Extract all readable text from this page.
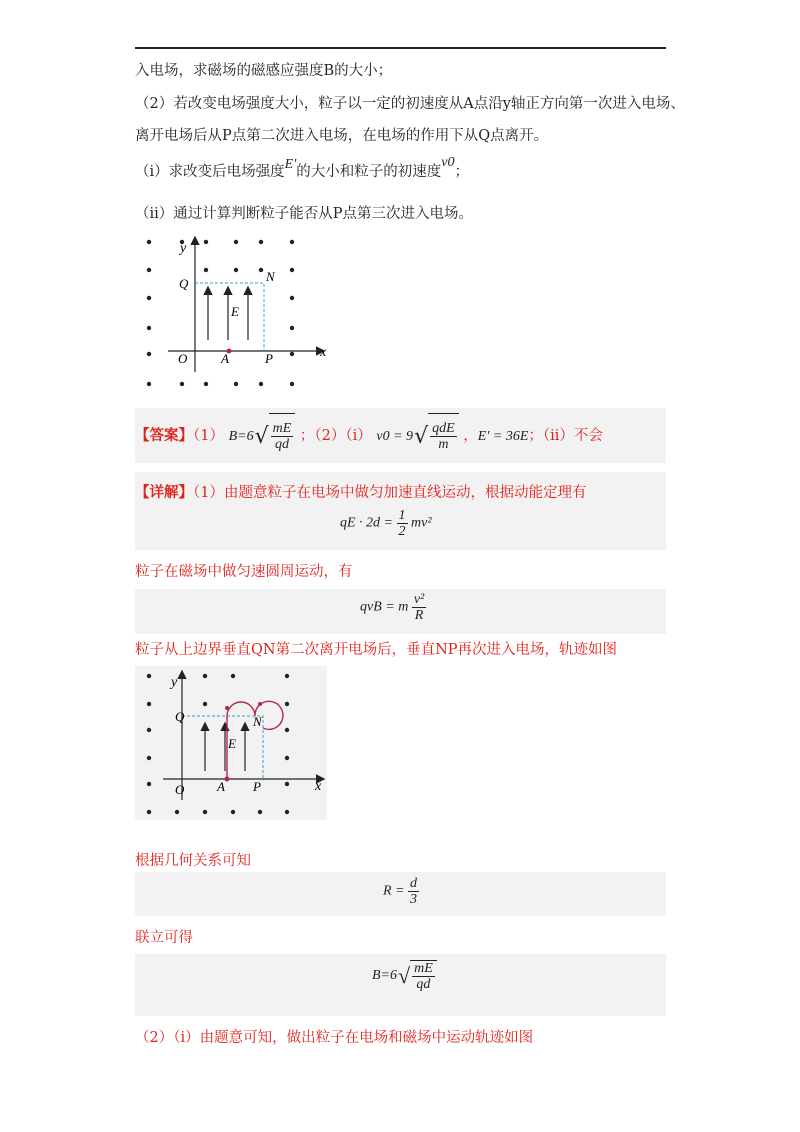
入电场，求磁场的磁感应强度B的大小；
（2）若改变电场强度大小，粒子以一定的初速度从A点沿y轴正方向第一次进入电场、
离开电场后从P点第二次进入电场，在电场的作用下从Q点离开。
（i）求改变后电场强度E′的大小和粒子的初速度v0；
（ii）通过计算判断粒子能否从P点第三次进入电场。
y
x
Q	N
E
O	A	P
【答案】（1） $B=6√ \frac{mE}{qd}$ ；（2）（i） $v0 = 9√ \frac{\text{qdE}}{m}$ ，E′ = 36E；（ii）不会
【详解】（1）由题意粒子在电场中做匀加速直线运动，根据动能定理有
qE · $2d = \frac{1}{2} mv^2$
粒子在磁场中做匀速圆周运动，有
qvB = m $\frac{\text{v²}}{R}$
粒子从上边界垂直QN第二次离开电场后，垂直NP再次进入电场，轨迹如图
y
x
Q	N
E
O	A P
根据几何关系可知
$R = \frac{d}{3}$
联立可得
$B=6√ \frac{mE}{qd}$
（2）（i）由题意可知，做出粒子在电场和磁场中运动轨迹如图
